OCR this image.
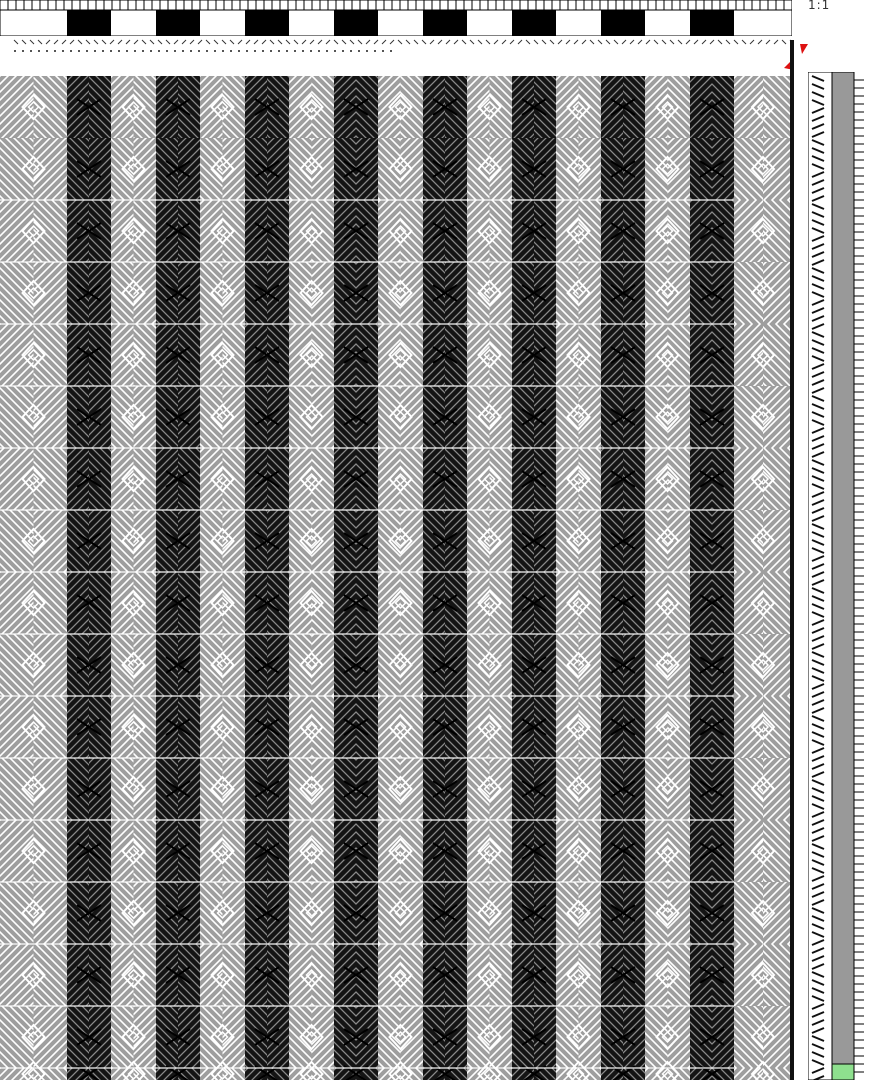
1:1
